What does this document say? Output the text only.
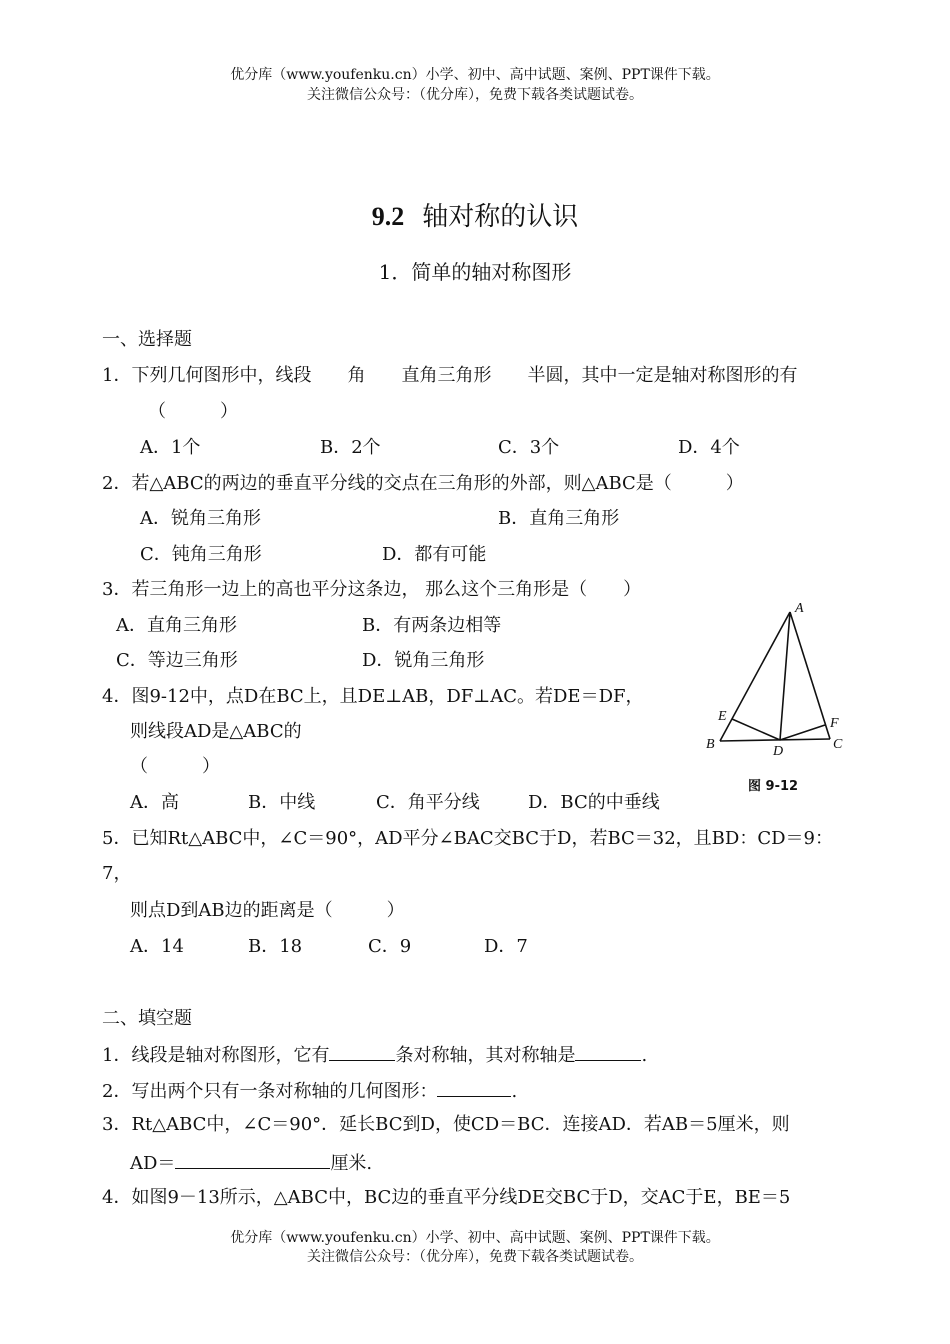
优分库（www.youfenku.cn）小学、初中、高中试题、案例、PPT课件下载。
关注微信公众号：（优分库），免费下载各类试题试卷。
9.2 轴对称的认识
1．简单的轴对称图形
一、选择题
1．下列几何图形中，线段　　角　　直角三角形　　半圆，其中一定是轴对称图形的有
（　　　）
A．1个	B．2个	C．3个	D．4个
2．若△ABC的两边的垂直平分线的交点在三角形的外部，则△ABC是（　　　）
A．锐角三角形	B．直角三角形
C．钝角三角形	D．都有可能
3．若三角形一边上的高也平分这条边， 那么这个三角形是（　　）
A．直角三角形	B．有两条边相等
C．等边三角形	D．锐角三角形
4．图9-12中，点D在BC上，且DE⊥AB，DF⊥AC。若DE＝DF，
则线段AD是△ABC的
（　　　）
A．高	B．中线	C．角平分线	D．BC的中垂线
A
B	C
D
E	F
图 9-12
5．已知Rt△ABC中，∠C＝90°，AD平分∠BAC交BC于D，若BC＝32，且BD：CD＝9：
7，
则点D到AB边的距离是（　　　）
A．14	B．18	C．9	D．7
二、填空题
1．线段是轴对称图形，它有	条对称轴，其对称轴是	.
2．写出两个只有一条对称轴的几何图形：	.
3．Rt△ABC中，∠C＝90°．延长BC到D，使CD＝BC．连接AD．若AB＝5厘米，则
AD＝	厘米.
4．如图9－13所示，△ABC中，BC边的垂直平分线DE交BC于D，交AC于E，BE＝5
优分库（www.youfenku.cn）小学、初中、高中试题、案例、PPT课件下载。
关注微信公众号：（优分库），免费下载各类试题试卷。
